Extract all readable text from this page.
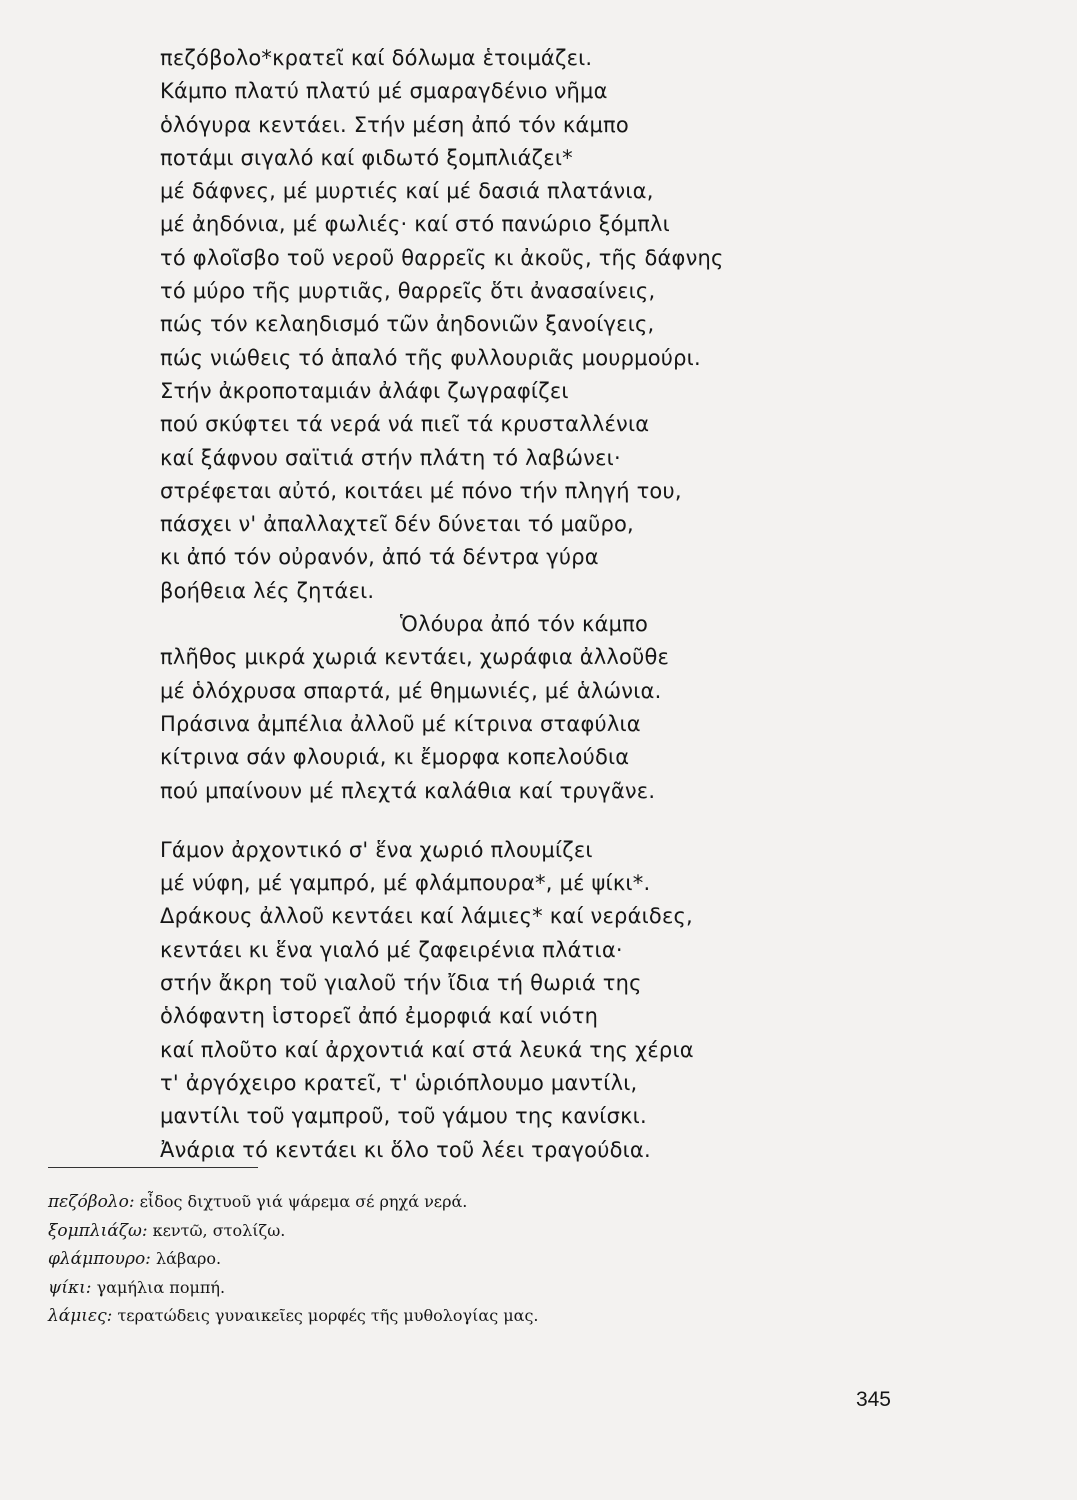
πεζόβολο*κρατεῖ καί δόλωμα ἑτοιμάζει.
Κάμπο πλατύ πλατύ μέ σμαραγδένιο νῆμα
ὁλόγυρα κεντάει. Στήν μέση ἀπό τόν κάμπο
ποτάμι σιγαλό καί φιδωτό ξομπλιάζει*
μέ δάφνες, μέ μυρτιές καί μέ δασιά πλατάνια,
μέ ἀηδόνια, μέ φωλιές· καί στό πανώριο ξόμπλι
τό φλοῖσβο τοῦ νεροῦ θαρρεῖς κι ἀκοῦς, τῆς δάφνης
τό μύρο τῆς μυρτιᾶς, θαρρεῖς ὅτι ἀνασαίνεις,
πώς τόν κελαηδισμό τῶν ἀηδονιῶν ξανοίγεις,
πώς νιώθεις τό ἁπαλό τῆς φυλλουριᾶς μουρμούρι.
Στήν ἀκροποταμιάν ἀλάφι ζωγραφίζει
πού σκύφτει τά νερά νά πιεῖ τά κρυσταλλένια
καί ξάφνου σαϊτιά στήν πλάτη τό λαβώνει·
στρέφεται αὐτό, κοιτάει μέ πόνο τήν πληγή του,
πάσχει ν' ἀπαλλαχτεῖ δέν δύνεται τό μαῦρο,
κι ἀπό τόν οὐρανόν, ἀπό τά δέντρα γύρα
βοήθεια λές ζητάει.
Ὁλόυρα ἀπό τόν κάμπο
πλῆθος μικρά χωριά κεντάει, χωράφια ἀλλοῦθε
μέ ὁλόχρυσα σπαρτά, μέ θημωνιές, μέ ἁλώνια.
Πράσινα ἀμπέλια ἀλλοῦ μέ κίτρινα σταφύλια
κίτρινα σάν φλουριά, κι ἔμορφα κοπελούδια
πού μπαίνουν μέ πλεχτά καλάθια καί τρυγᾶνε.
Γάμον ἀρχοντικό σ' ἕνα χωριό πλουμίζει
μέ νύφη, μέ γαμπρό, μέ φλάμπουρα*, μέ ψίκι*.
Δράκους ἀλλοῦ κεντάει καί λάμιες* καί νεράιδες,
κεντάει κι ἕνα γιαλό μέ ζαφειρένια πλάτια·
στήν ἄκρη τοῦ γιαλοῦ τήν ἴδια τή θωριά της
ὁλόφαντη ἱστορεῖ ἀπό ἐμορφιά καί νιότη
καί πλοῦτο καί ἀρχοντιά καί στά λευκά της χέρια
τ' ἀργόχειρο κρατεῖ, τ' ὡριόπλουμο μαντίλι,
μαντίλι τοῦ γαμπροῦ, τοῦ γάμου της κανίσκι.
Ἀνάρια τό κεντάει κι ὅλο τοῦ λέει τραγούδια.
πεζόβολο: εἶδος διχτυοῦ γιά ψάρεμα σέ ρηχά νερά.
ξομπλιάζω: κεντῶ, στολίζω.
φλάμπουρο: λάβαρο.
ψίκι: γαμήλια πομπή.
λάμιες: τερατώδεις γυναικεῖες μορφές τῆς μυθολογίας μας.
345
